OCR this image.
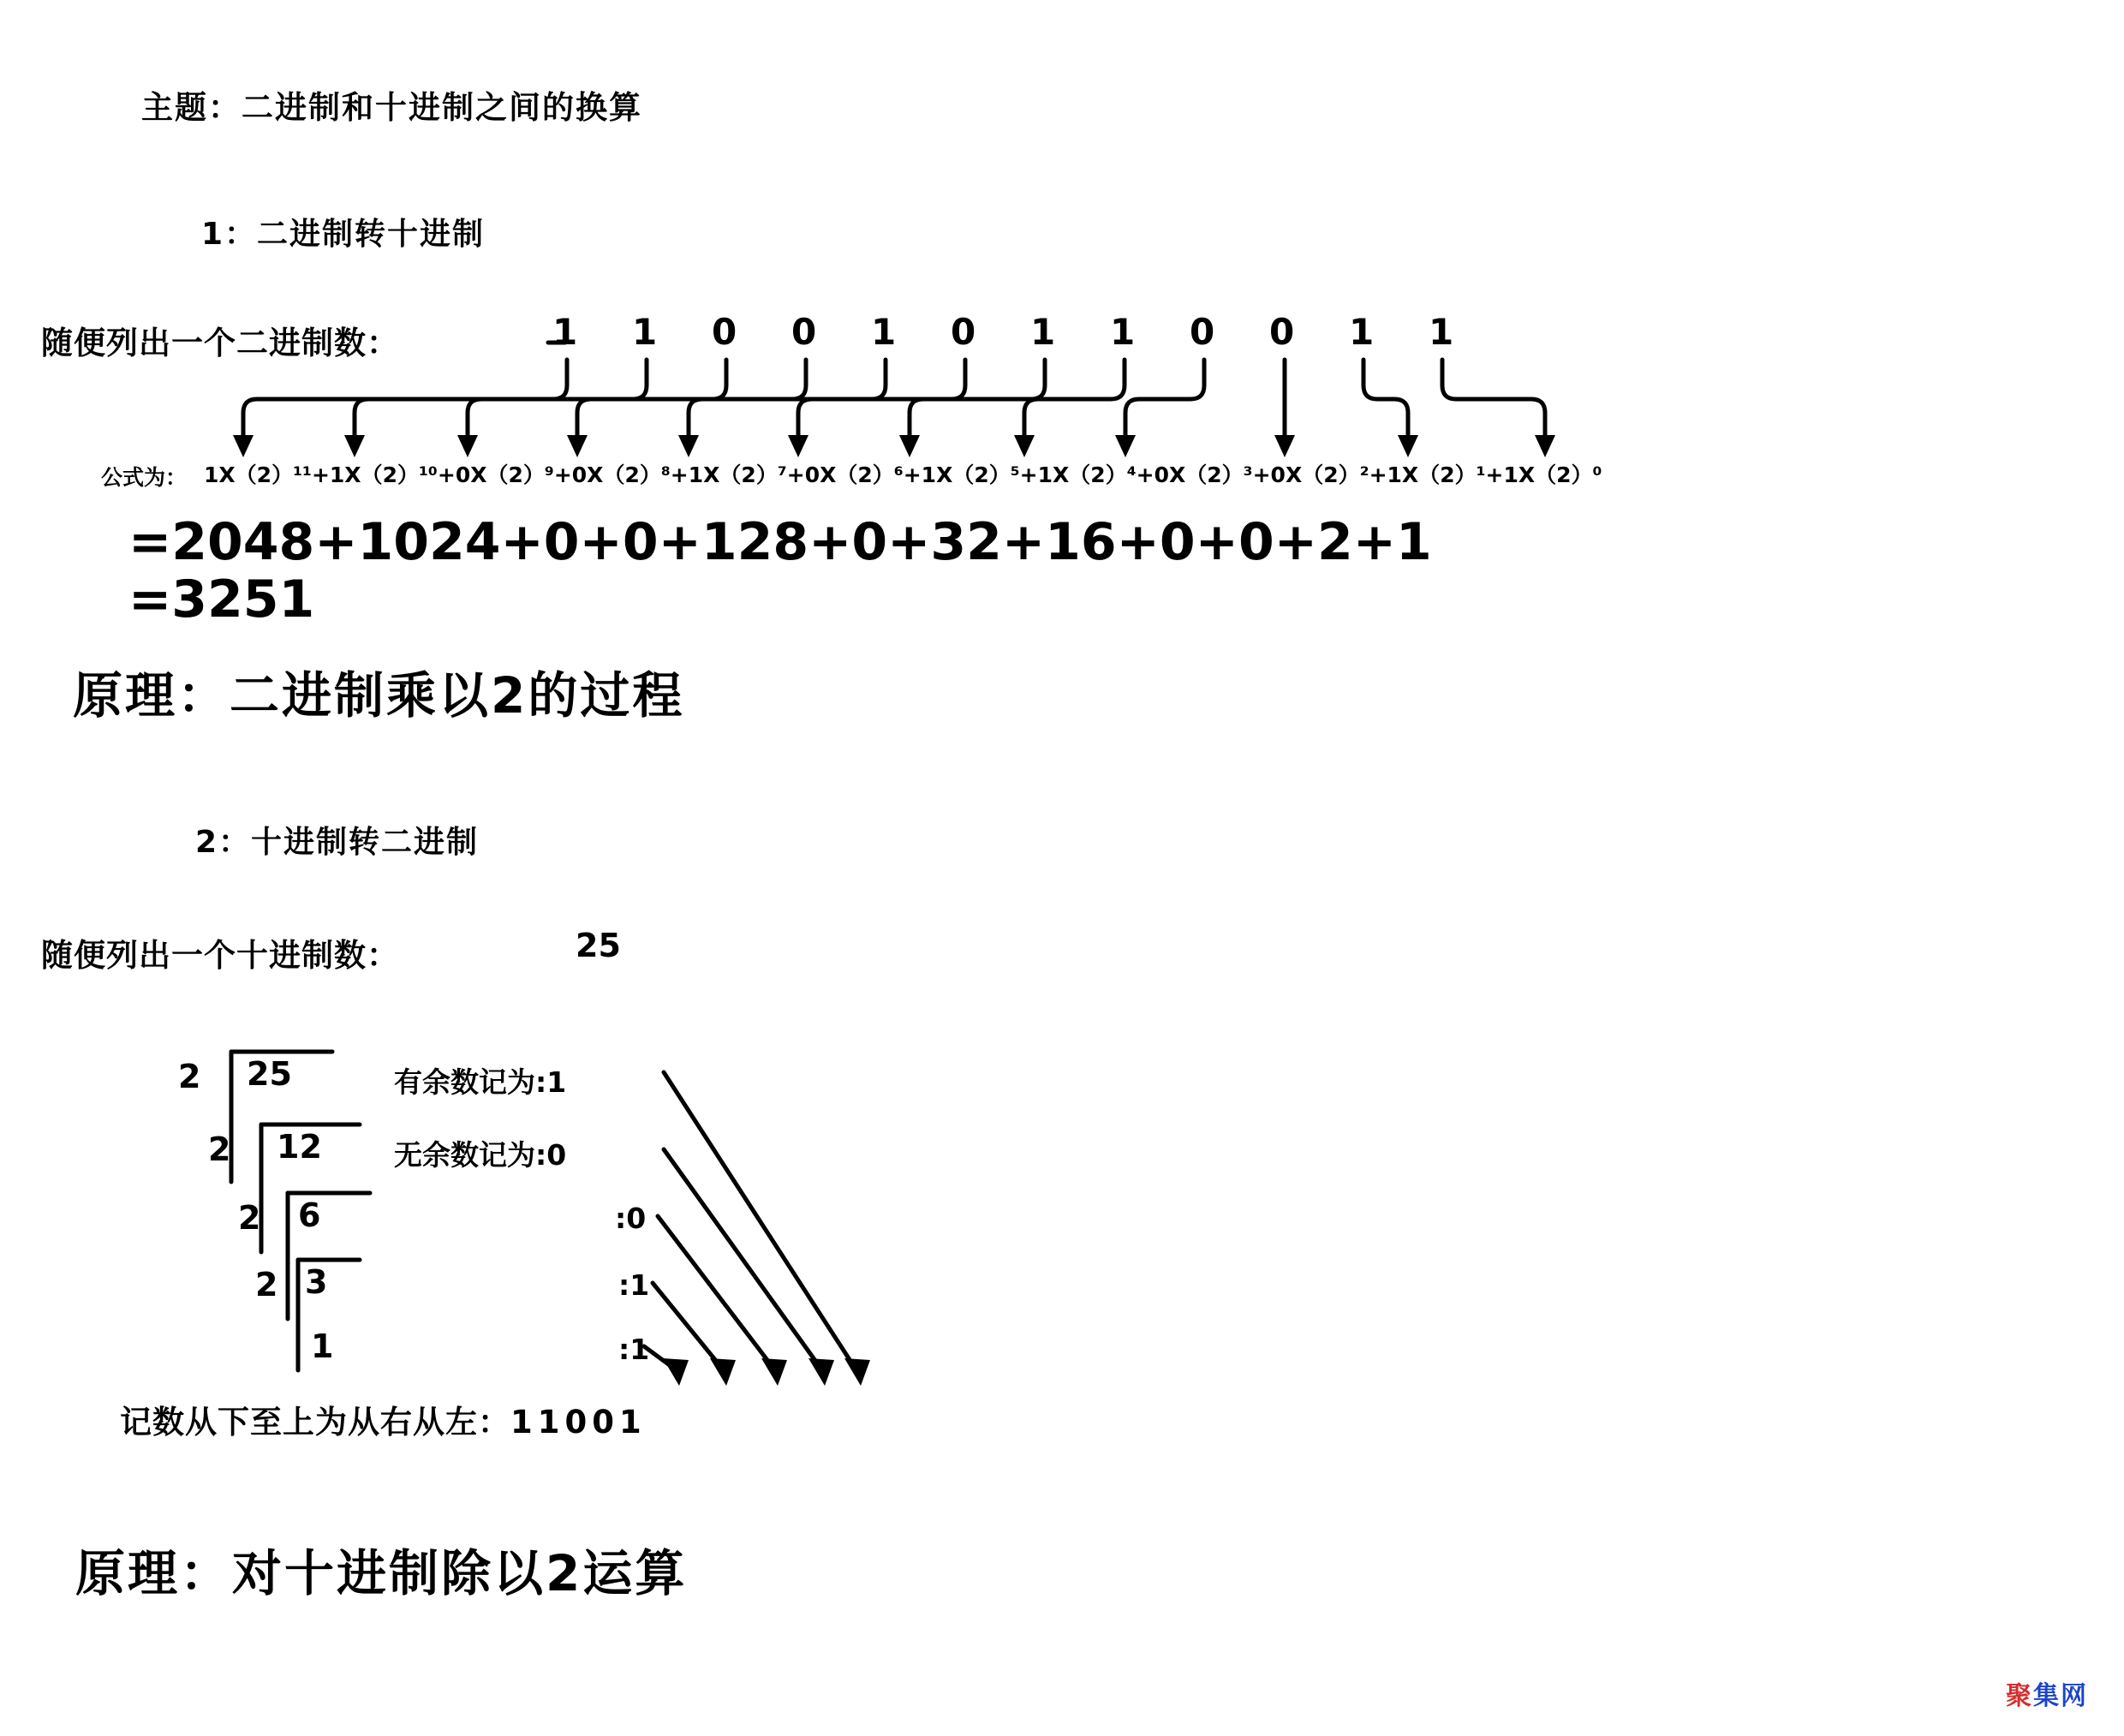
主题：二进制和十进制之间的换算
1：二进制转十进制
随便列出一个二进制数：	1 1 0 0 1 0 1 1 0 0 1 1
公式为： 1X（2）¹¹+1X（2）¹⁰+0X（2）⁹+0X（2）⁸+1X（2）⁷+0X（2）⁶+1X（2）⁵+1X（2）⁴+0X（2）³+0X（2）²+1X（2）¹+1X（2）⁰
=2048+1024+0+0+128+0+32+16+0+0+2+1
=3251
原理：二进制乘以2的过程
2：十进制转二进制
随便列出一个十进制数：	25
2 25	有余数记为:1
2 12	无余数记为:0
2 6	:0
2 3	:1
1	:1
记数从下至上为从右从左：11001
原理：对十进制除以2运算
聚集网
